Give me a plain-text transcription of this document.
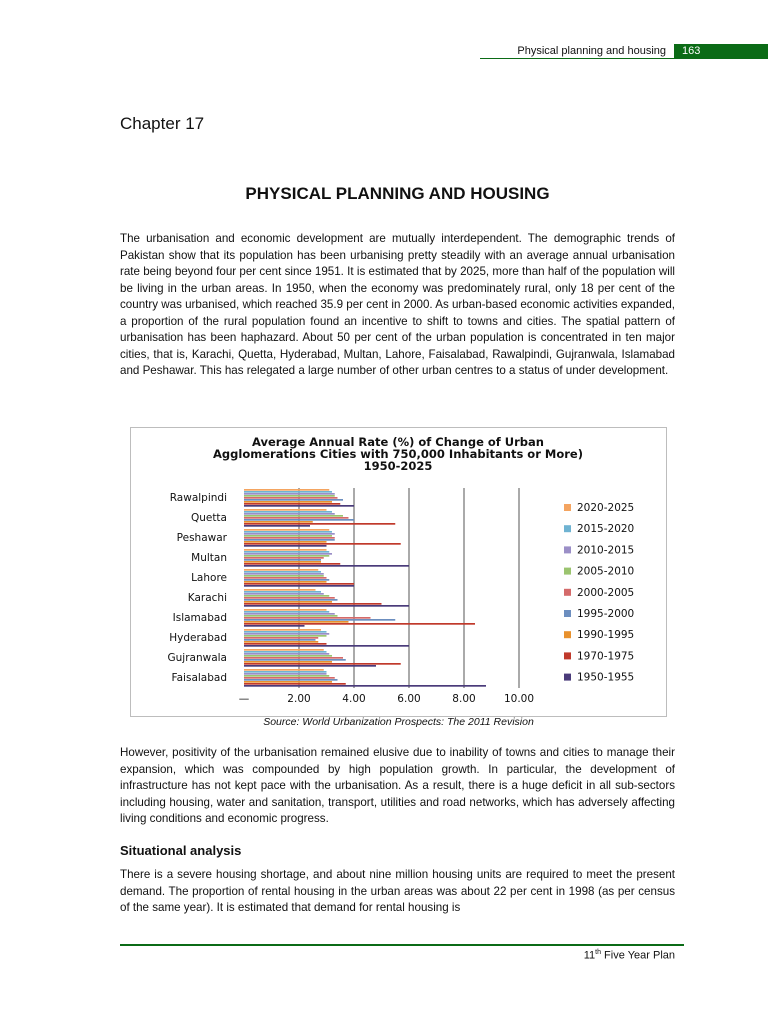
Physical planning and housing	163
Chapter 17
PHYSICAL PLANNING AND HOUSING

The urbanisation and economic development are mutually interdependent. The demographic trends of Pakistan show that its population has been urbanising pretty steadily with an average annual urbanisation rate being beyond four per cent since 1951. It is estimated that by 2025, more than half of the population will be living in the urban areas. In 1950, when the economy was predominately rural, only 18 per cent of the country was urbanised, which reached 35.9 per cent in 2000. As urban-based economic activities expanded, a proportion of the rural population found an incentive to shift to towns and cities. The spatial pattern of urbanisation has been haphazard. About 50 per cent of the urban population is concentrated in ten major cities, that is, Karachi, Quetta, Hyderabad, Multan, Lahore, Faisalabad, Rawalpindi, Gujranwala, Islamabad and Peshawar. This has relegated a large number of other urban centres to a status of under development.

Average Annual Rate (%) of Change of Urban
Agglomerations Cities with 750,000 Inhabitants or More)
1950-2025
Rawalpindi
Quetta
Peshawar
Multan
Lahore
Karachi
Islamabad
Hyderabad
Gujranwala
Faisalabad
—	2.00	4.00	6.00	8.00	10.00
2020-2025
2015-2020
2010-2015
2005-2010
2000-2005
1995-2000
1990-1995
1970-1975
1950-1955
Source: World Urbanization Prospects: The 2011 Revision

However, positivity of the urbanisation remained elusive due to inability of towns and cities to manage their expansion, which was compounded by high population growth. In particular, the development of infrastructure has not kept pace with the urbanisation. As a result, there is a huge deficit in all sub-sectors including housing, water and sanitation, transport, utilities and road networks, which has adversely affecting living conditions and economic progress.

Situational analysis

There is a severe housing shortage, and about nine million housing units are required to meet the present demand. The proportion of rental housing in the urban areas was about 22 per cent in 1998 (as per census of the same year). It is estimated that demand for rental housing is

11th Five Year Plan
